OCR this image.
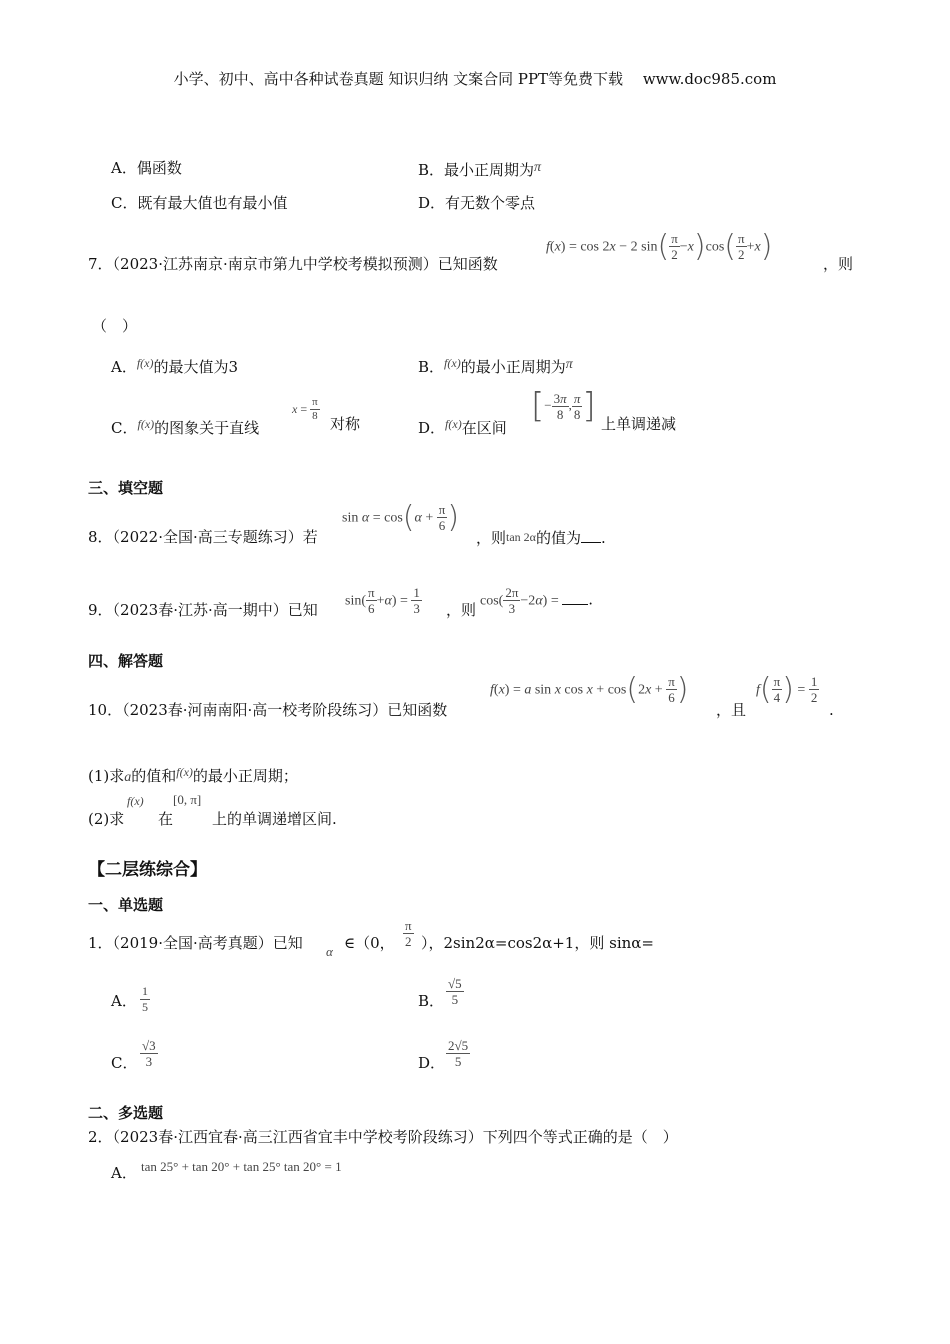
小学、初中、高中各种试卷真题 知识归纳 文案合同 PPT等免费下载　 www.doc985.com
A．偶函数	B．最小正周期为π
C．既有最大值也有最小值	D．有无数个零点
7．（2023·江苏南京·南京市第九中学校考模拟预测）已知函数
f(x) = cos 2x − 2 $\sin( \frac{\pi}{2} -x)\cos( \frac{\pi}{2} +x)$	，则
（　）
A．$^{f(x)}$的最大值为3	B．$^{f(x)}$的最小正周期为π
C．$^{f(x)}$的图象关于直线
$x = \frac{\pi}{8}$
对称	D．$^{f(x)}$在区间
[− $\frac{3\pi}{8}$ , $\frac{\pi}{8}$ ] 上单调递减
三、填空题
8．（2022·全国·高三专题练习）若
$\sin \alpha = \cos(\alpha + \frac{\pi}{6}$ )
，则tan 2α的值为 .
9．（2023春·江苏·高一期中）已知 $\sin( \frac{\pi}{6} +\alpha) = \frac{1}{3}$ ，则 $\cos( \frac{2\pi}{3} -2\alpha)$ = .
四、解答题
10．（2023春·河南南阳·高一校考阶段练习）已知函数
f(x) = a sin x $\cos x + \cos(2x + \frac{\pi}{6}$ )
，且
$f( \frac{\pi}{4}$ ) = $\frac{1}{2}$
.
(1)求a的值和$^{f(x)}$的最小正周期；
(2)求
f(x)
在
[0, π]
上的单调递增区间.
【二层练综合】
一、单选题
1．（2019·全国·高考真题）已知 α ∈（0， $\frac{\pi}{2}$ ），2sin2α=cos2α+1，则 sinα=
A． $\frac{1}{5}$	B． $\frac{√5}{5}$
C． $\frac{√3}{3}$	D． $\frac{2√5}{5}$
二、多选题
2．（2023春·江西宜春·高三江西省宜丰中学校考阶段练习）下列四个等式正确的是（　）
A． tan 25° + tan 20° + tan 25° tan 20° = 1
